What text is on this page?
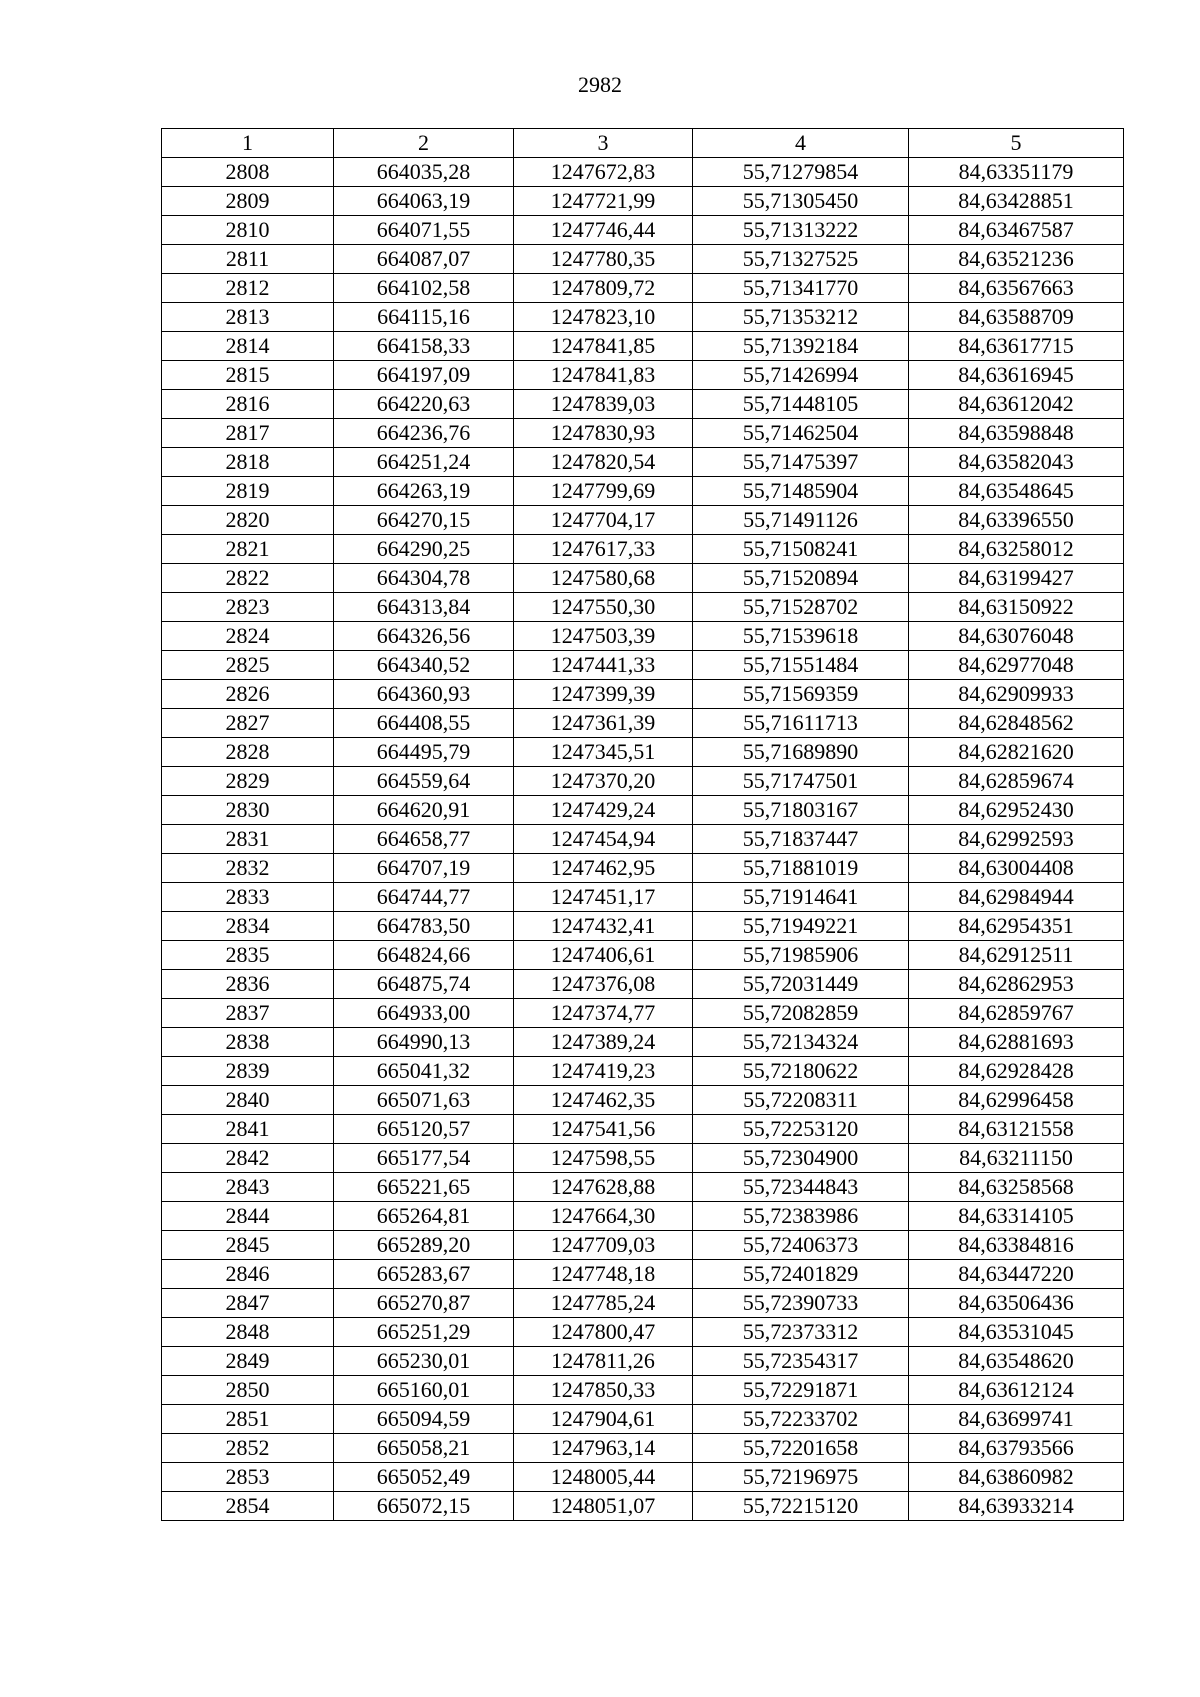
2982
1	2	3	4	5
2808	664035,28	1247672,83	55,71279854	84,63351179
2809	664063,19	1247721,99	55,71305450	84,63428851
2810	664071,55	1247746,44	55,71313222	84,63467587
2811	664087,07	1247780,35	55,71327525	84,63521236
2812	664102,58	1247809,72	55,71341770	84,63567663
2813	664115,16	1247823,10	55,71353212	84,63588709
2814	664158,33	1247841,85	55,71392184	84,63617715
2815	664197,09	1247841,83	55,71426994	84,63616945
2816	664220,63	1247839,03	55,71448105	84,63612042
2817	664236,76	1247830,93	55,71462504	84,63598848
2818	664251,24	1247820,54	55,71475397	84,63582043
2819	664263,19	1247799,69	55,71485904	84,63548645
2820	664270,15	1247704,17	55,71491126	84,63396550
2821	664290,25	1247617,33	55,71508241	84,63258012
2822	664304,78	1247580,68	55,71520894	84,63199427
2823	664313,84	1247550,30	55,71528702	84,63150922
2824	664326,56	1247503,39	55,71539618	84,63076048
2825	664340,52	1247441,33	55,71551484	84,62977048
2826	664360,93	1247399,39	55,71569359	84,62909933
2827	664408,55	1247361,39	55,71611713	84,62848562
2828	664495,79	1247345,51	55,71689890	84,62821620
2829	664559,64	1247370,20	55,71747501	84,62859674
2830	664620,91	1247429,24	55,71803167	84,62952430
2831	664658,77	1247454,94	55,71837447	84,62992593
2832	664707,19	1247462,95	55,71881019	84,63004408
2833	664744,77	1247451,17	55,71914641	84,62984944
2834	664783,50	1247432,41	55,71949221	84,62954351
2835	664824,66	1247406,61	55,71985906	84,62912511
2836	664875,74	1247376,08	55,72031449	84,62862953
2837	664933,00	1247374,77	55,72082859	84,62859767
2838	664990,13	1247389,24	55,72134324	84,62881693
2839	665041,32	1247419,23	55,72180622	84,62928428
2840	665071,63	1247462,35	55,72208311	84,62996458
2841	665120,57	1247541,56	55,72253120	84,63121558
2842	665177,54	1247598,55	55,72304900	84,63211150
2843	665221,65	1247628,88	55,72344843	84,63258568
2844	665264,81	1247664,30	55,72383986	84,63314105
2845	665289,20	1247709,03	55,72406373	84,63384816
2846	665283,67	1247748,18	55,72401829	84,63447220
2847	665270,87	1247785,24	55,72390733	84,63506436
2848	665251,29	1247800,47	55,72373312	84,63531045
2849	665230,01	1247811,26	55,72354317	84,63548620
2850	665160,01	1247850,33	55,72291871	84,63612124
2851	665094,59	1247904,61	55,72233702	84,63699741
2852	665058,21	1247963,14	55,72201658	84,63793566
2853	665052,49	1248005,44	55,72196975	84,63860982
2854	665072,15	1248051,07	55,72215120	84,63933214
